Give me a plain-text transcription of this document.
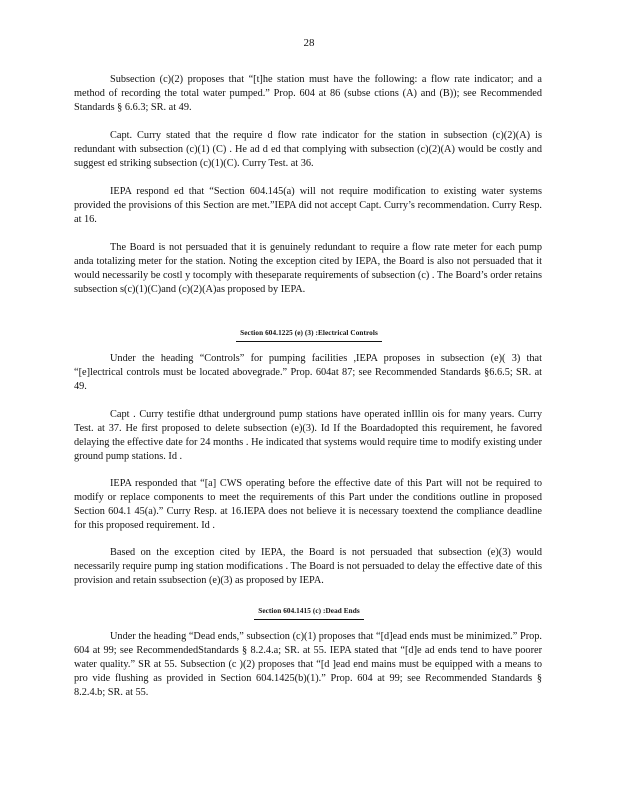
28

Subsection (c)(2) proposes that “[t]he station must have the following: a flow rate indicator; and a method of recording the total water pumped.” Prop. 604 at 86 (subse ctions (A) and (B)); see Recommended Standards § 6.6.3; SR. at 49.

Capt. Curry stated that the require d flow rate indicator for the station in subsection (c)(2)(A) is redundant with subsection (c)(1) (C) . He ad d ed that complying with subsection (c)(2)(A) would be costly and suggest ed striking subsection (c)(1)(C). Curry Test. at 36.

IEPA respond ed that “Section 604.145(a) will not require modification to existing water systems provided the provisions of this Section are met.”IEPA did not accept Capt. Curry’s recommendation. Curry Resp. at 16.

The Board is not persuaded that it is genuinely redundant to require a flow rate meter for each pump anda totalizing meter for the station. Noting the exception cited by IEPA, the Board is also not persuaded that it would necessarily be costl y tocomply with theseparate requirements of subsection (c) . The Board’s order retains subsection s(c)(1)(C)and (c)(2)(A)as proposed by IEPA.

Section 604.1225 (e) (3) :Electrical Controls

Under the heading “Controls” for pumping facilities ,IEPA proposes in subsection (e)( 3) that “[e]lectrical controls must be located abovegrade.” Prop. 604at 87; see Recommended Standards §6.6.5; SR. at 49.

Capt . Curry testifie dthat underground pump stations have operated inIllin ois for many years. Curry Test. at 37. He first proposed to delete subsection (e)(3). Id If the Boardadopted this requirement, he favored delaying the effective date for 24 months . He indicated that systems would require time to modify existing under ground pump stations. Id .

IEPA responded that “[a] CWS operating before the effective date of this Part will not be required to modify or replace components to meet the requirements of this Part under the conditions outline in proposed Section 604.1 45(a).” Curry Resp. at 16.IEPA does not believe it is necessary toextend the compliance deadline for this proposed requirement. Id .

Based on the exception cited by IEPA, the Board is not persuaded that subsection (e)(3) would necessarily require pump ing station modifications . The Board is not persuaded to delay the effective date of this provision and retain ssubsection (e)(3) as proposed by IEPA.

Section 604.1415 (c) :Dead Ends

Under the heading “Dead ends,” subsection (c)(1) proposes that “[d]ead ends must be minimized.” Prop. 604 at 99; see RecommendedStandards § 8.2.4.a; SR. at 55. IEPA stated that “[d]e ad ends tend to have poorer water quality.” SR at 55. Subsection (c )(2) proposes that “[d ]ead end mains must be equipped with a means to pro vide flushing as provided in Section 604.1425(b)(1).” Prop. 604 at 99; see Recommended Standards § 8.2.4.b; SR. at 55.
